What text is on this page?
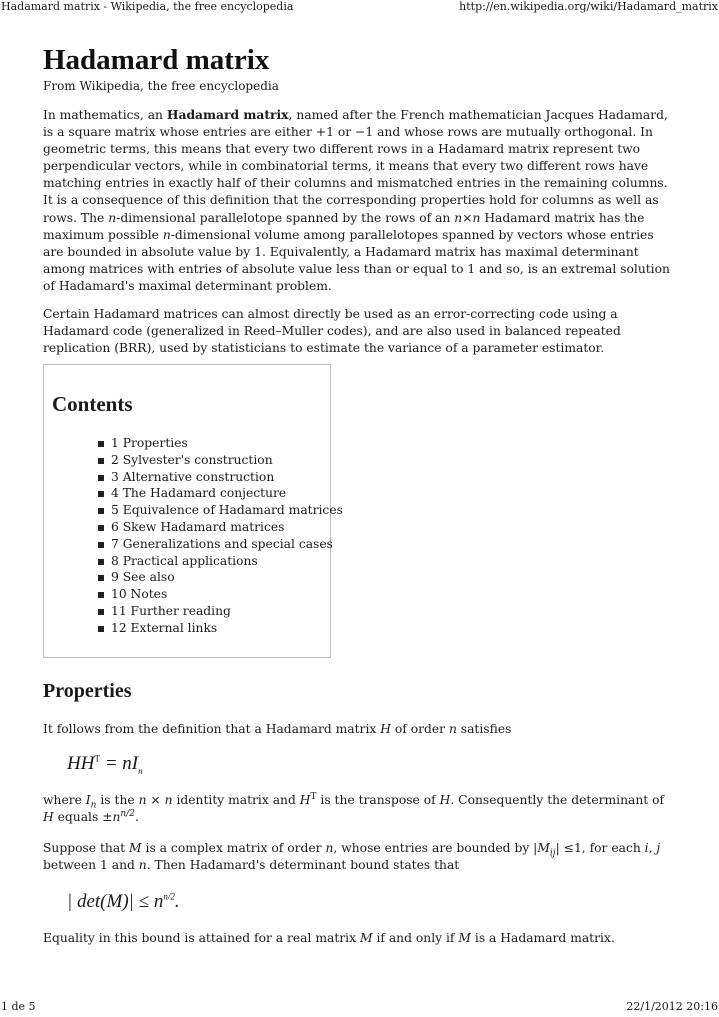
Hadamard matrix - Wikipedia, the free encyclopedia	http://en.wikipedia.org/wiki/Hadamard_matrix
Hadamard matrix
From Wikipedia, the free encyclopedia

In mathematics, an Hadamard matrix, named after the French mathematician Jacques Hadamard, is a square matrix whose entries are either +1 or −1 and whose rows are mutually orthogonal. In geometric terms, this means that every two different rows in a Hadamard matrix represent two perpendicular vectors, while in combinatorial terms, it means that every two different rows have matching entries in exactly half of their columns and mismatched entries in the remaining columns. It is a consequence of this definition that the corresponding properties hold for columns as well as rows. The n-dimensional parallelotope spanned by the rows of an n×n Hadamard matrix has the maximum possible n-dimensional volume among parallelotopes spanned by vectors whose entries are bounded in absolute value by 1. Equivalently, a Hadamard matrix has maximal determinant among matrices with entries of absolute value less than or equal to 1 and so, is an extremal solution of Hadamard's maximal determinant problem.

Certain Hadamard matrices can almost directly be used as an error-correcting code using a Hadamard code (generalized in Reed–Muller codes), and are also used in balanced repeated replication (BRR), used by statisticians to estimate the variance of a parameter estimator.

Contents
1 Properties
2 Sylvester's construction
3 Alternative construction
4 The Hadamard conjecture
5 Equivalence of Hadamard matrices
6 Skew Hadamard matrices
7 Generalizations and special cases
8 Practical applications
9 See also
10 Notes
11 Further reading
12 External links
Properties

It follows from the definition that a Hadamard matrix H of order n satisfies

$HH^T = nI_n$

where $I_n$ is the n × n identity matrix and $H^T$ is the transpose of H. Consequently the determinant of H equals $\pm n^{n/2}$.

Suppose that M is a complex matrix of order n, whose entries are bounded by $|M_{ij}| \le 1$, for each i, j between 1 and n. Then Hadamard's determinant bound states that

| $\det(M)| \le n^{n/2}$.

Equality in this bound is attained for a real matrix M if and only if M is a Hadamard matrix.

1 de 5	22/1/2012 20:16
